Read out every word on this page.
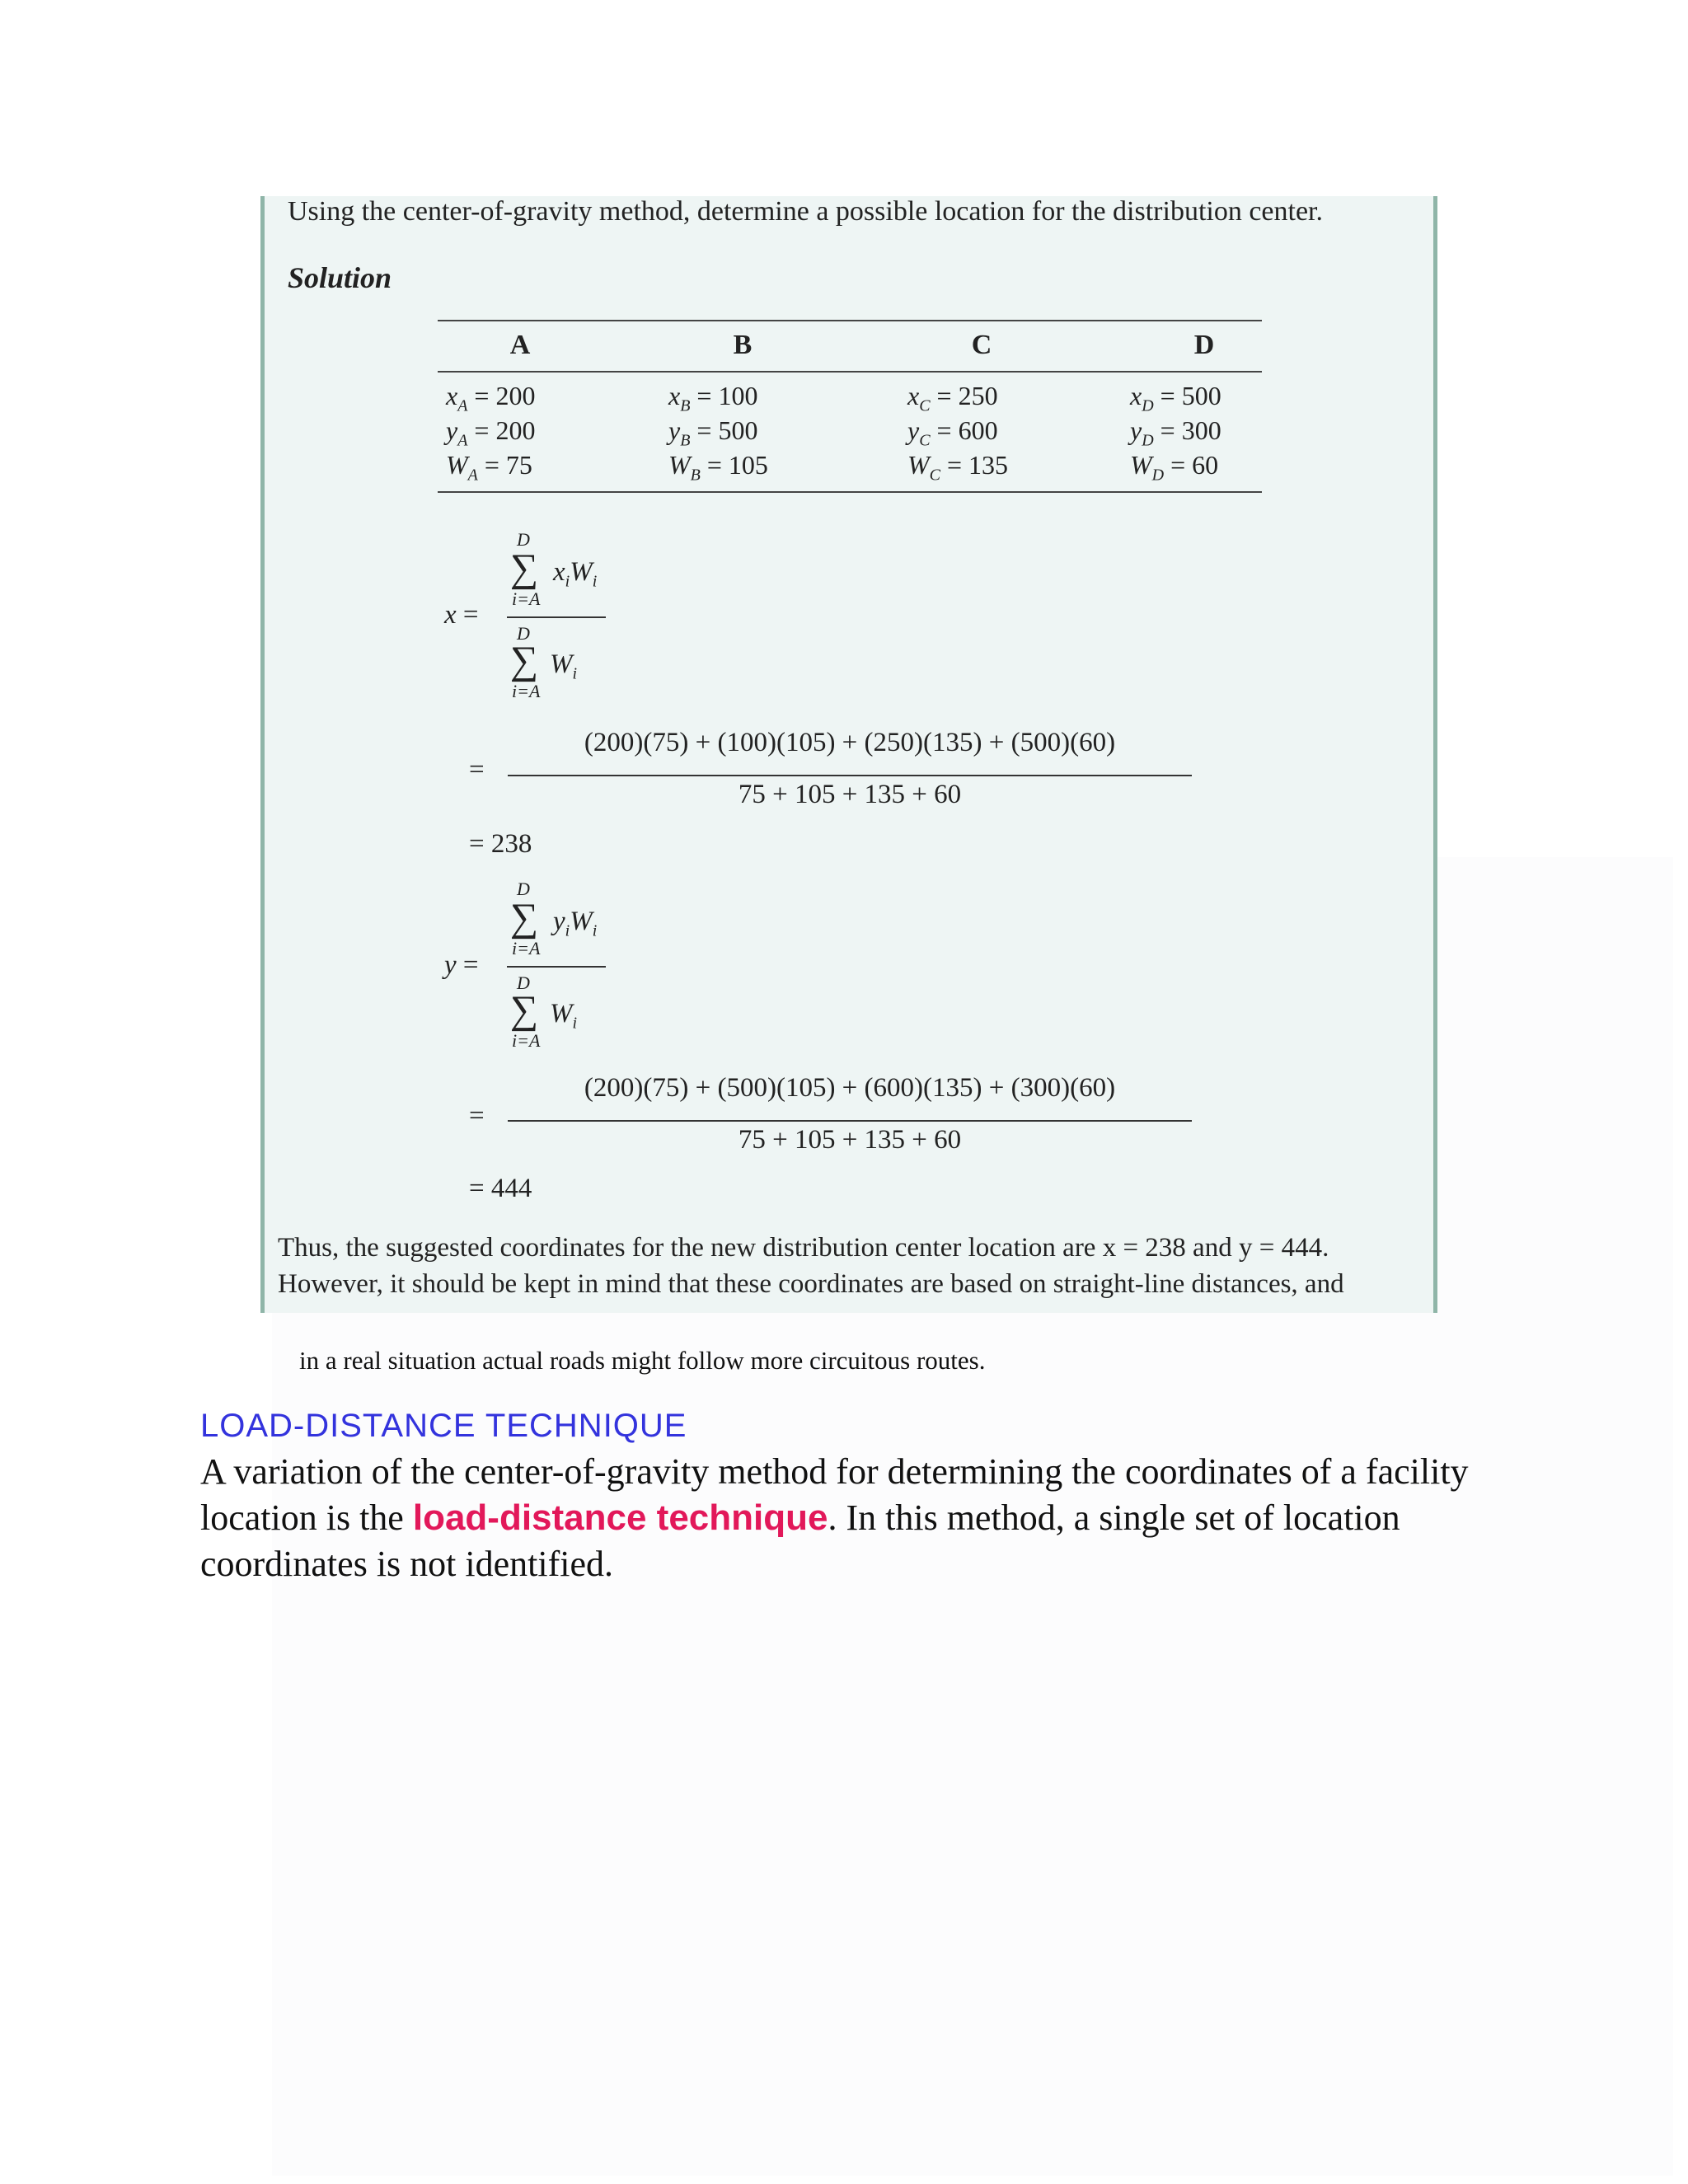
Using the center-of-gravity method, determine a possible location for the distribution center.
Solution
A	B	C	D
$x_A = 200$	$x_B = 100$	$x_C = 250$	$x_D = 500$
$y_A = 200$	$y_B = 500$	$y_C = 600$	$y_D = 300$
$W_A = 75$	$W_B = 105$	$W_C = 135$	$W_D = 60$
x =
D
∑ $x_iW_i$
i=A
D
∑ $W_i$
i=A
=
(200)(75) + (100)(105) + (250)(135) + (500)(60)
75 + 105 + 135 + 60
= 238
y =
D
∑ $y_iW_i$
i=A
D
∑ $W_i$
i=A
=
(200)(75) + (500)(105) + (600)(135) + (300)(60)
75 + 105 + 135 + 60
= 444
Thus, the suggested coordinates for the new distribution center location are x = 238 and y = 444.
However, it should be kept in mind that these coordinates are based on straight-line distances, and
in a real situation actual roads might follow more circuitous routes.
LOAD-DISTANCE TECHNIQUE

A variation of the center-of-gravity method for determining the coordinates of a facility location is the load-distance technique. In this method, a single set of location coordinates is not identified.
